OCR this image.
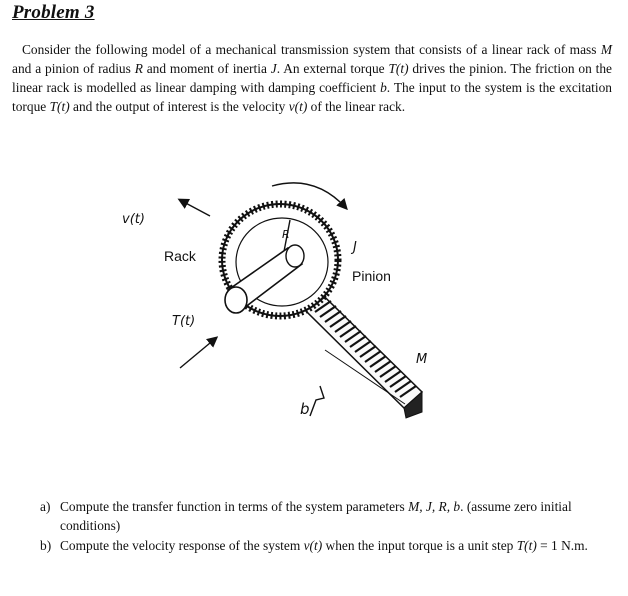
Problem 3

Consider the following model of a mechanical transmission system that consists of a linear rack of mass M and a pinion of radius R and moment of inertia J. An external torque T(t) drives the pinion. The friction on the linear rack is modelled as linear damping with damping coefficient b. The input to the system is the excitation torque T(t) and the output of interest is the velocity v(t) of the linear rack.

v(t)
Rack
T(t)
R
J
Pinion
M
b
a) Compute the transfer function in terms of the system parameters M, J, R, b. (assume zero initial conditions)
b) Compute the velocity response of the system v(t) when the input torque is a unit step T(t) = 1 N.m.
